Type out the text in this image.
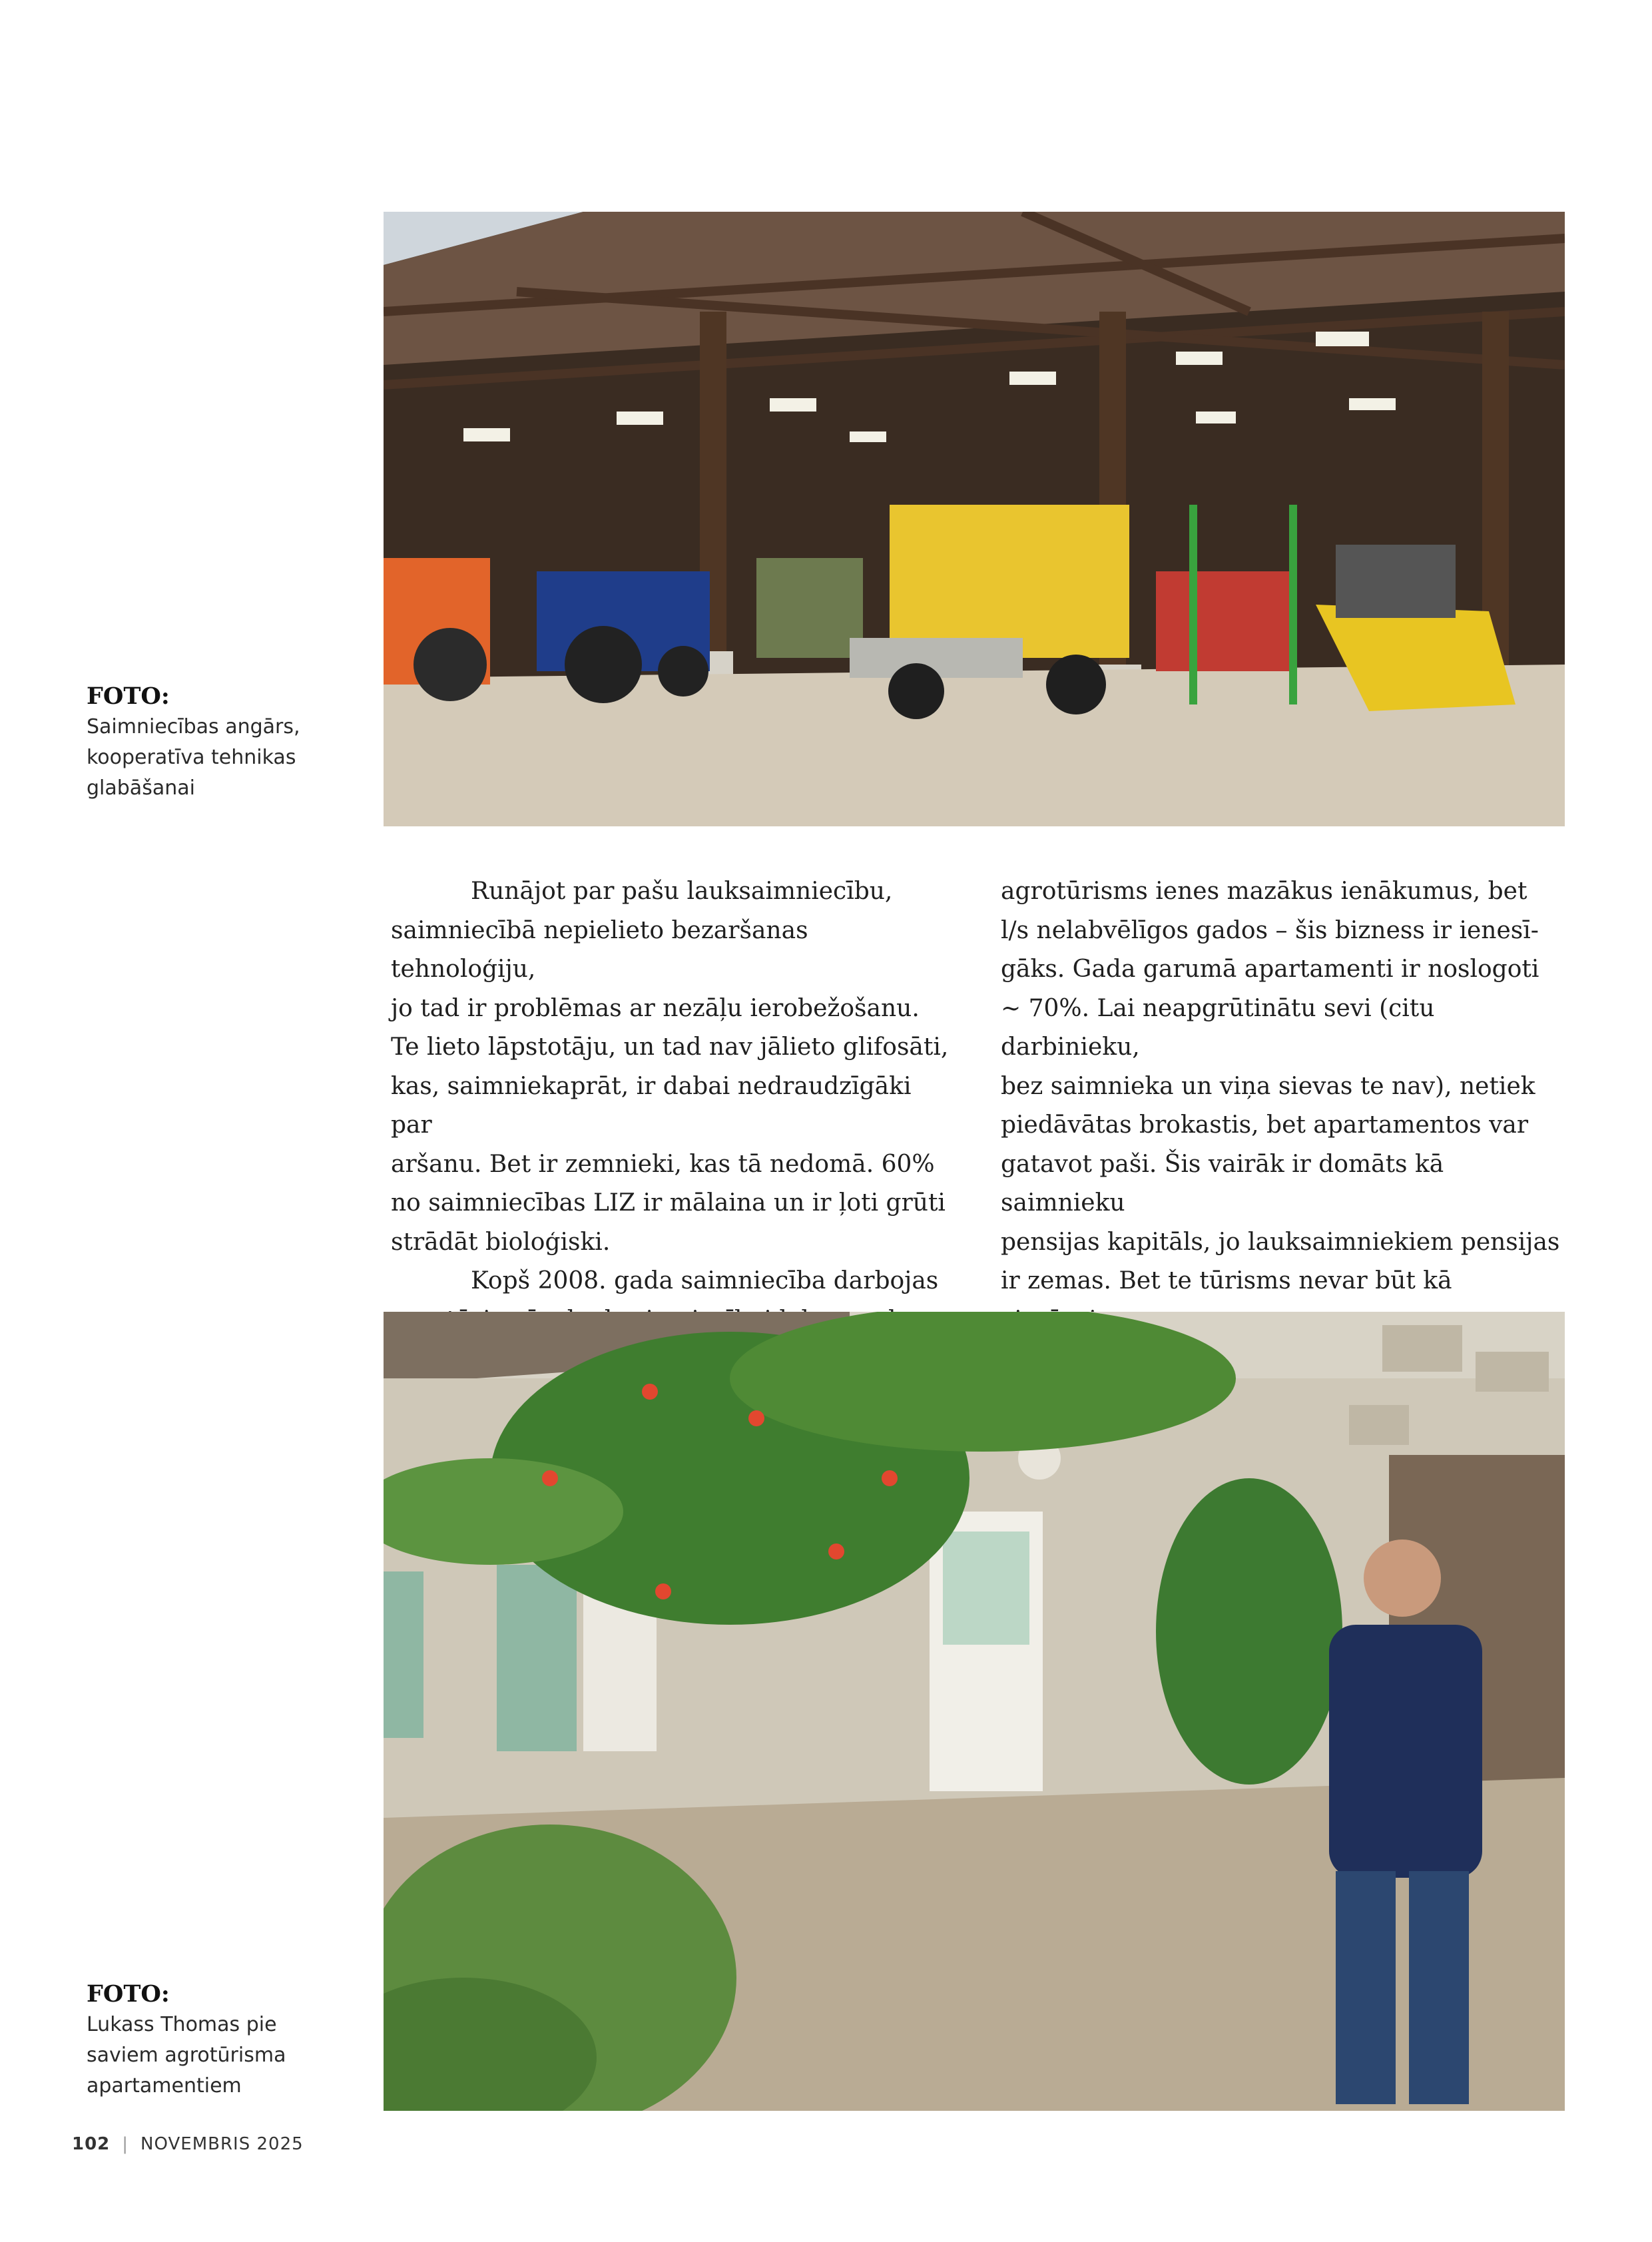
FOTO:
Saimniecības angārs,
kooperatīva tehnikas
glabāšanai

Runājot par pašu lauksaimniecību,

saimniecībā nepielieto bezaršanas tehnoloģiju,

jo tad ir problēmas ar nezāļu ierobežošanu.

Te lieto lāpstotāju, un tad nav jālieto glifosāti,

kas, saimniekaprāt, ir dabai nedraudzīgāki par

aršanu. Bet ir zemnieki, kas tā nedomā. 60%

no saimniecības LIZ ir mālaina un ir ļoti grūti

strādāt bioloģiski.

Kopš 2008. gada saimniecība darbojas

agrotūrisms ienes mazākus ienākumus, bet

l/s nelabvēlīgos gados – šis bizness ir ienesī-

gāks. Gada garumā apartamenti ir noslogoti

~ 70%. Lai neapgrūtinātu sevi (citu darbinieku,

bez saimnieka un viņa sievas te nav), netiek

piedāvātas brokastis, bet apartamentos var

gatavot paši. Šis vairāk ir domāts kā saimnieku

pensijas kapitāls, jo lauksaimniekiem pensijas

ir zemas. Bet te tūrisms nevar būt kā

FOTO:
Lukass Thomas pie
saviem agrotūrisma
apartamentiem
102 | NOVEMBRIS 2025
